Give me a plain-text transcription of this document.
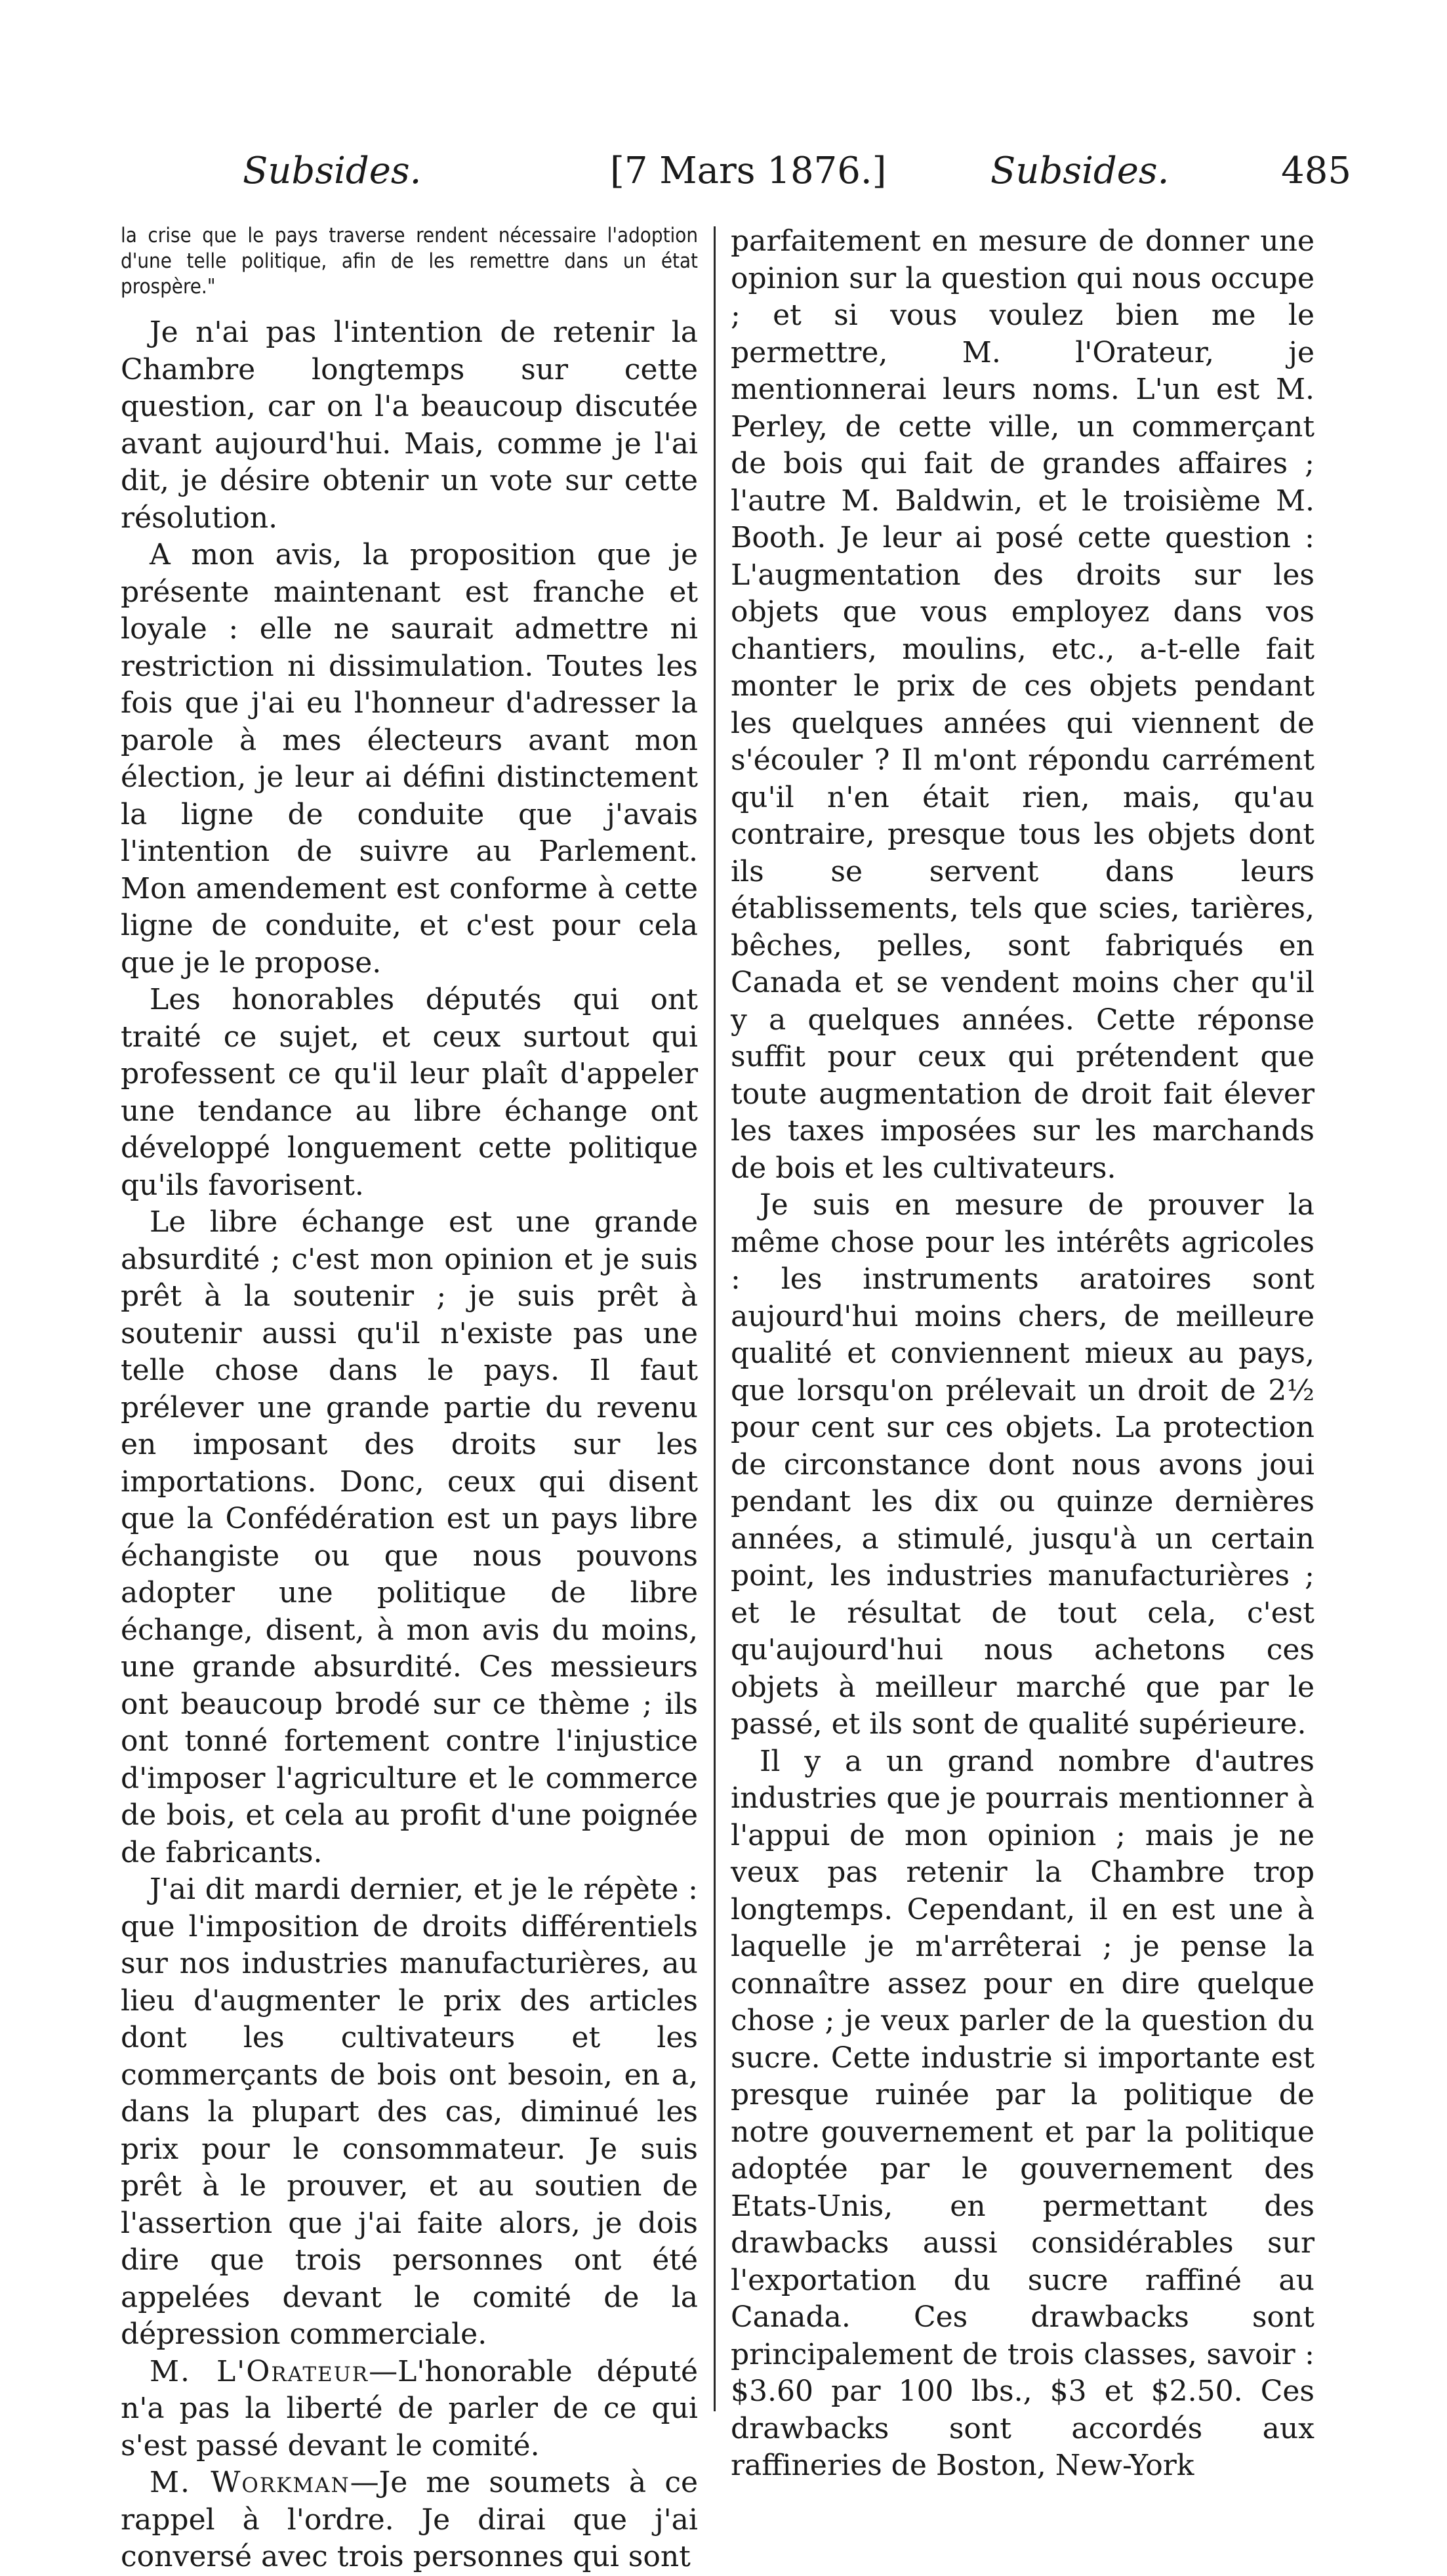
Subsides.	[7 Mars 1876.]	Subsides.	485

la crise que le pays traverse rendent nécessaire l'adoption d'une telle politique, afin de les remettre dans un état prospère."

Je n'ai pas l'intention de retenir la Chambre longtemps sur cette question, car on l'a beaucoup discutée avant aujourd'hui. Mais, comme je l'ai dit, je désire obtenir un vote sur cette résolution.

A mon avis, la proposition que je présente maintenant est franche et loyale : elle ne saurait admettre ni restriction ni dissimulation. Toutes les fois que j'ai eu l'honneur d'adresser la parole à mes électeurs avant mon élection, je leur ai défini distinctement la ligne de conduite que j'avais l'intention de suivre au Parlement. Mon amendement est conforme à cette ligne de conduite, et c'est pour cela que je le propose.

Les honorables députés qui ont traité ce sujet, et ceux surtout qui professent ce qu'il leur plaît d'appeler une tendance au libre échange ont développé longuement cette politique qu'ils favorisent.

Le libre échange est une grande absurdité ; c'est mon opinion et je suis prêt à la soutenir ; je suis prêt à soutenir aussi qu'il n'existe pas une telle chose dans le pays. Il faut prélever une grande partie du revenu en imposant des droits sur les importations. Donc, ceux qui disent que la Confédération est un pays libre échangiste ou que nous pouvons adopter une politique de libre échange, disent, à mon avis du moins, une grande absurdité. Ces messieurs ont beaucoup brodé sur ce thème ; ils ont tonné fortement contre l'injustice d'imposer l'agriculture et le commerce de bois, et cela au profit d'une poignée de fabricants.

J'ai dit mardi dernier, et je le répète : que l'imposition de droits différentiels sur nos industries manufacturières, au lieu d'augmenter le prix des articles dont les cultivateurs et les commerçants de bois ont besoin, en a, dans la plupart des cas, diminué les prix pour le consommateur. Je suis prêt à le prouver, et au soutien de l'assertion que j'ai faite alors, je dois dire que trois personnes ont été appelées devant le comité de la dépression commerciale.

M. L'Orateur—L'honorable député n'a pas la liberté de parler de ce qui s'est passé devant le comité.

M. Workman—Je me soumets à ce rappel à l'ordre. Je dirai que j'ai conversé avec trois personnes qui sont

parfaitement en mesure de donner une opinion sur la question qui nous occupe ; et si vous voulez bien me le permettre, M. l'Orateur, je mentionnerai leurs noms. L'un est M. Perley, de cette ville, un commerçant de bois qui fait de grandes affaires ; l'autre M. Baldwin, et le troisième M. Booth. Je leur ai posé cette question : L'augmentation des droits sur les objets que vous employez dans vos chantiers, moulins, etc., a-t-elle fait monter le prix de ces objets pendant les quelques années qui viennent de s'écouler ? Il m'ont répondu carrément qu'il n'en était rien, mais, qu'au contraire, presque tous les objets dont ils se servent dans leurs établissements, tels que scies, tarières, bêches, pelles, sont fabriqués en Canada et se vendent moins cher qu'il y a quelques années. Cette réponse suffit pour ceux qui prétendent que toute augmentation de droit fait élever les taxes imposées sur les marchands de bois et les cultivateurs.

Je suis en mesure de prouver la même chose pour les intérêts agricoles : les instruments aratoires sont aujourd'hui moins chers, de meilleure qualité et conviennent mieux au pays, que lorsqu'on prélevait un droit de 2½ pour cent sur ces objets. La protection de circonstance dont nous avons joui pendant les dix ou quinze dernières années, a stimulé, jusqu'à un certain point, les industries manufacturières ; et le résultat de tout cela, c'est qu'aujourd'hui nous achetons ces objets à meilleur marché que par le passé, et ils sont de qualité supérieure.

Il y a un grand nombre d'autres industries que je pourrais mentionner à l'appui de mon opinion ; mais je ne veux pas retenir la Chambre trop longtemps. Cependant, il en est une à laquelle je m'arrêterai ; je pense la connaître assez pour en dire quelque chose ; je veux parler de la question du sucre. Cette industrie si importante est presque ruinée par la politique de notre gouvernement et par la politique adoptée par le gouvernement des Etats-Unis, en permettant des drawbacks aussi considérables sur l'exportation du sucre raffiné au Canada. Ces drawbacks sont principalement de trois classes, savoir : $3.60 par 100 lbs., $3 et $2.50. Ces drawbacks sont accordés aux raffineries de Boston, New-York
